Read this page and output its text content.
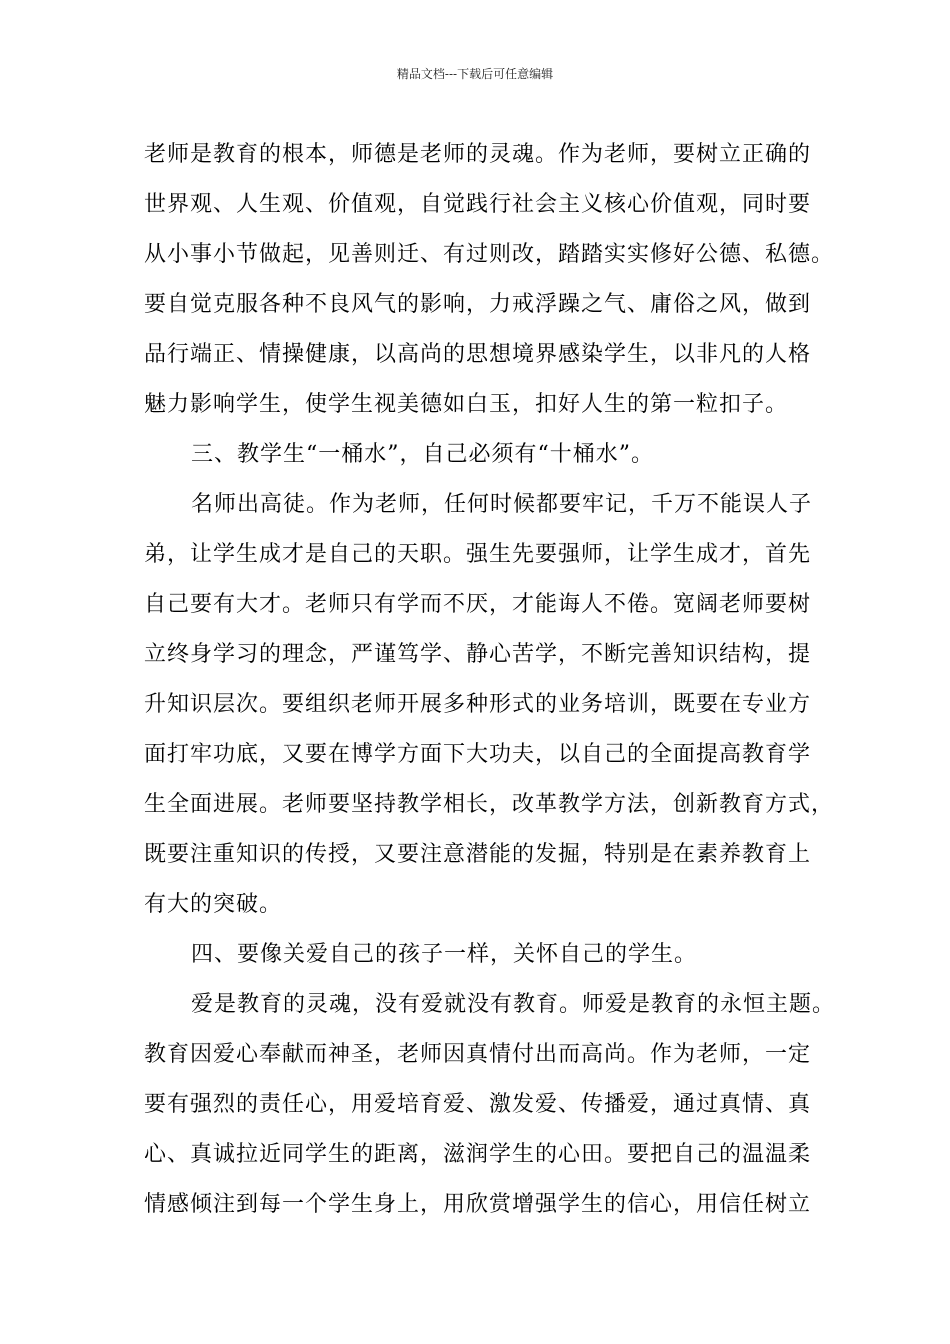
精品文档---下载后可任意编辑
老师是教育的根本，师德是老师的灵魂。作为老师，要树立正确的
世界观、人生观、价值观，自觉践行社会主义核心价值观，同时要
从小事小节做起，见善则迁、有过则改，踏踏实实修好公德、私德。
要自觉克服各种不良风气的影响，力戒浮躁之气、庸俗之风，做到
品行端正、情操健康，以高尚的思想境界感染学生，以非凡的人格
魅力影响学生，使学生视美德如白玉，扣好人生的第一粒扣子。
三、教学生“一桶水”，自己必须有“十桶水”。
名师出高徒。作为老师，任何时候都要牢记，千万不能误人子
弟，让学生成才是自己的天职。强生先要强师，让学生成才，首先
自己要有大才。老师只有学而不厌，才能诲人不倦。宽阔老师要树
立终身学习的理念，严谨笃学、静心苦学，不断完善知识结构，提
升知识层次。要组织老师开展多种形式的业务培训，既要在专业方
面打牢功底，又要在博学方面下大功夫，以自己的全面提高教育学
生全面进展。老师要坚持教学相长，改革教学方法，创新教育方式，
既要注重知识的传授，又要注意潜能的发掘，特别是在素养教育上
有大的突破。
四、要像关爱自己的孩子一样，关怀自己的学生。
爱是教育的灵魂，没有爱就没有教育。师爱是教育的永恒主题。
教育因爱心奉献而神圣，老师因真情付出而高尚。作为老师，一定
要有强烈的责任心，用爱培育爱、激发爱、传播爱，通过真情、真
心、真诚拉近同学生的距离，滋润学生的心田。要把自己的温温柔
情感倾注到每一个学生身上，用欣赏增强学生的信心，用信任树立
